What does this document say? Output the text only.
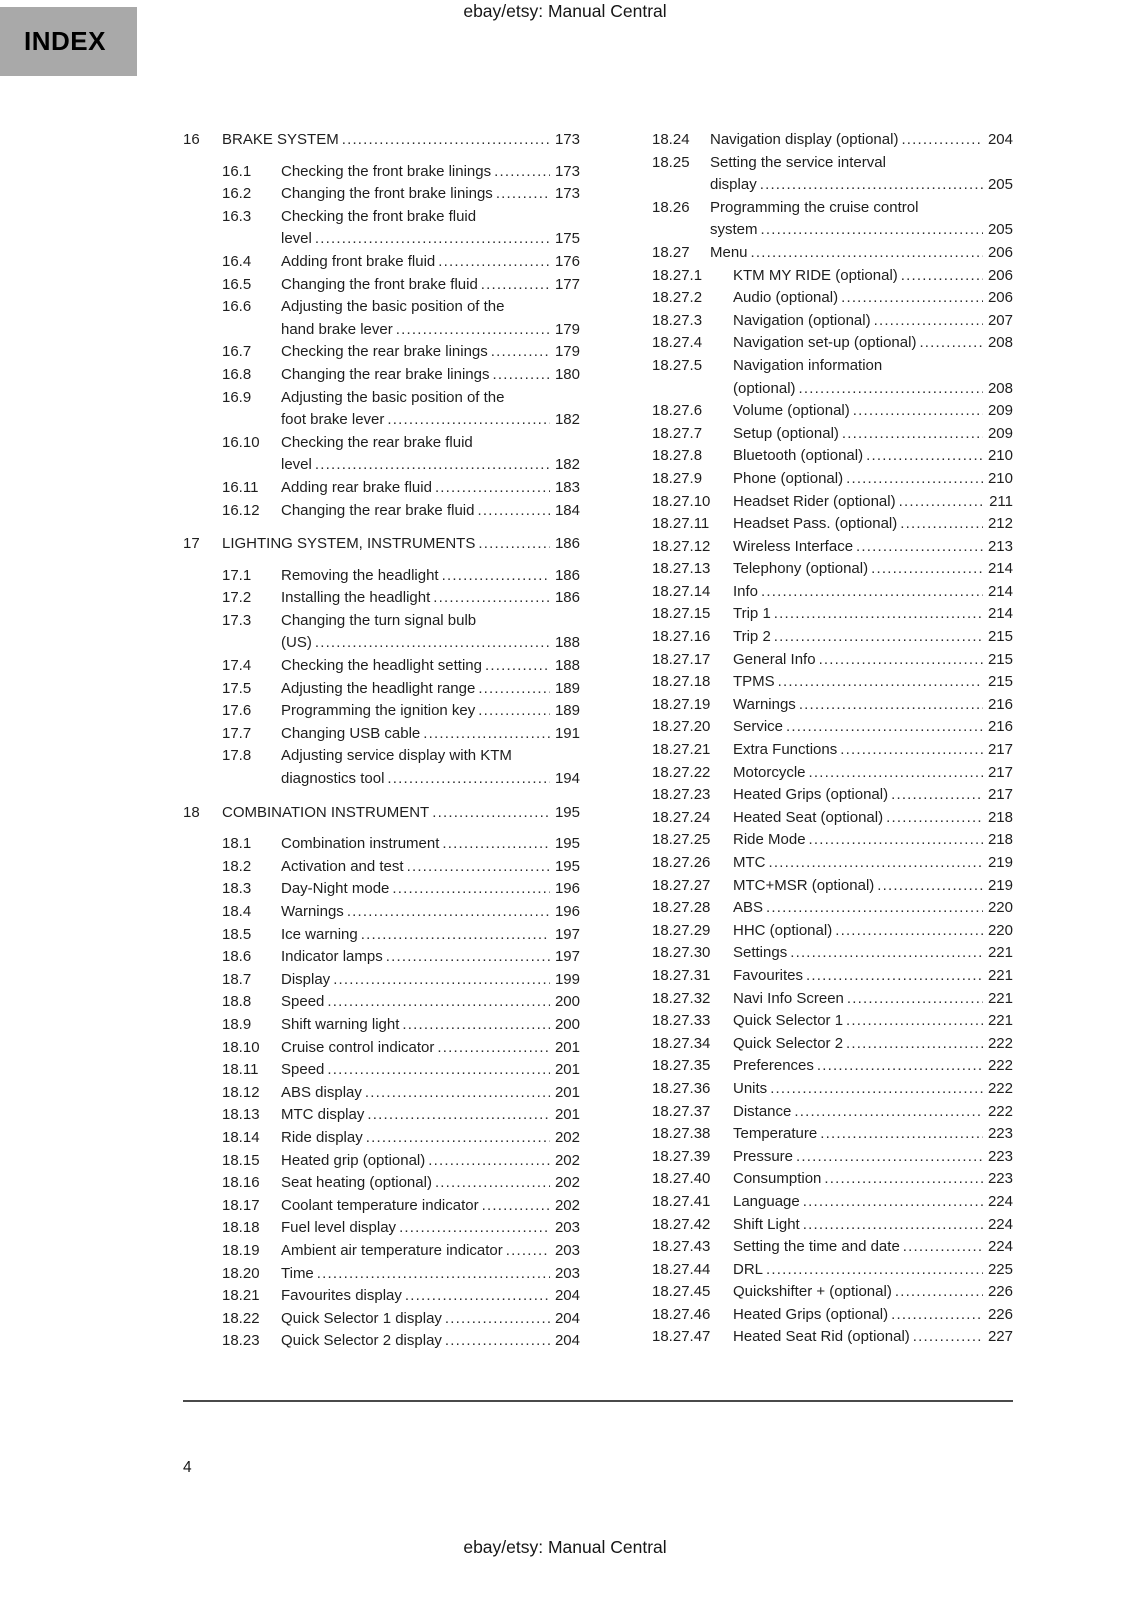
ebay/etsy: Manual Central
INDEX
16	BRAKE SYSTEM .....	173
16.1	Checking the front brake linings .....	173
16.2	Changing the front brake linings .....	173
16.3	Checking the front brake fluid
level .....	175
16.4	Adding front brake fluid .....	176
16.5	Changing the front brake fluid .....	177
16.6	Adjusting the basic position of the
hand brake lever .....	179
16.7	Checking the rear brake linings .....	179
16.8	Changing the rear brake linings .....	180
16.9	Adjusting the basic position of the
foot brake lever .....	182
16.10	Checking the rear brake fluid
level .....	182
16.11	Adding rear brake fluid .....	183
16.12	Changing the rear brake fluid .....	184
17	LIGHTING SYSTEM, INSTRUMENTS .....	186
17.1	Removing the headlight .....	186
17.2	Installing the headlight .....	186
17.3	Changing the turn signal bulb
(US) .....	188
17.4	Checking the headlight setting .....	188
17.5	Adjusting the headlight range .....	189
17.6	Programming the ignition key .....	189
17.7	Changing USB cable .....	191
17.8	Adjusting service display with KTM
diagnostics tool .....	194
18	COMBINATION INSTRUMENT .....	195
18.1	Combination instrument .....	195
18.2	Activation and test .....	195
18.3	Day-Night mode .....	196
18.4	Warnings .....	196
18.5	Ice warning .....	197
18.6	Indicator lamps .....	197
18.7	Display .....	199
18.8	Speed .....	200
18.9	Shift warning light .....	200
18.10	Cruise control indicator .....	201
18.11	Speed .....	201
18.12	ABS display .....	201
18.13	MTC display .....	201
18.14	Ride display .....	202
18.15	Heated grip (optional) .....	202
18.16	Seat heating (optional) .....	202
18.17	Coolant temperature indicator .....	202
18.18	Fuel level display .....	203
18.19	Ambient air temperature indicator .....	203
18.20	Time .....	203
18.21	Favourites display .....	204
18.22	Quick Selector 1 display .....	204
18.23	Quick Selector 2 display .....	204
18.24	Navigation display (optional) .....	204
18.25	Setting the service interval
display .....	205
18.26	Programming the cruise control
system .....	205
18.27	Menu .....	206
18.27.1	KTM MY RIDE (optional) .....	206
18.27.2	Audio (optional) .....	206
18.27.3	Navigation (optional) .....	207
18.27.4	Navigation set-up (optional) .....	208
18.27.5	Navigation information
(optional) .....	208
18.27.6	Volume (optional) .....	209
18.27.7	Setup (optional) .....	209
18.27.8	Bluetooth (optional) .....	210
18.27.9	Phone (optional) .....	210
18.27.10	Headset Rider (optional) .....	211
18.27.11	Headset Pass. (optional) .....	212
18.27.12	Wireless Interface .....	213
18.27.13	Telephony (optional) .....	214
18.27.14	Info .....	214
18.27.15	Trip 1 .....	214
18.27.16	Trip 2 .....	215
18.27.17	General Info .....	215
18.27.18	TPMS .....	215
18.27.19	Warnings .....	216
18.27.20	Service .....	216
18.27.21	Extra Functions .....	217
18.27.22	Motorcycle .....	217
18.27.23	Heated Grips (optional) .....	217
18.27.24	Heated Seat (optional) .....	218
18.27.25	Ride Mode .....	218
18.27.26	MTC .....	219
18.27.27	MTC+MSR (optional) .....	219
18.27.28	ABS .....	220
18.27.29	HHC (optional) .....	220
18.27.30	Settings .....	221
18.27.31	Favourites .....	221
18.27.32	Navi Info Screen .....	221
18.27.33	Quick Selector 1 .....	221
18.27.34	Quick Selector 2 .....	222
18.27.35	Preferences .....	222
18.27.36	Units .....	222
18.27.37	Distance .....	222
18.27.38	Temperature .....	223
18.27.39	Pressure .....	223
18.27.40	Consumption .....	223
18.27.41	Language .....	224
18.27.42	Shift Light .....	224
18.27.43	Setting the time and date .....	224
18.27.44	DRL .....	225
18.27.45	Quickshifter + (optional) .....	226
18.27.46	Heated Grips (optional) .....	226
18.27.47	Heated Seat Rid (optional) .....	227
4
ebay/etsy: Manual Central
